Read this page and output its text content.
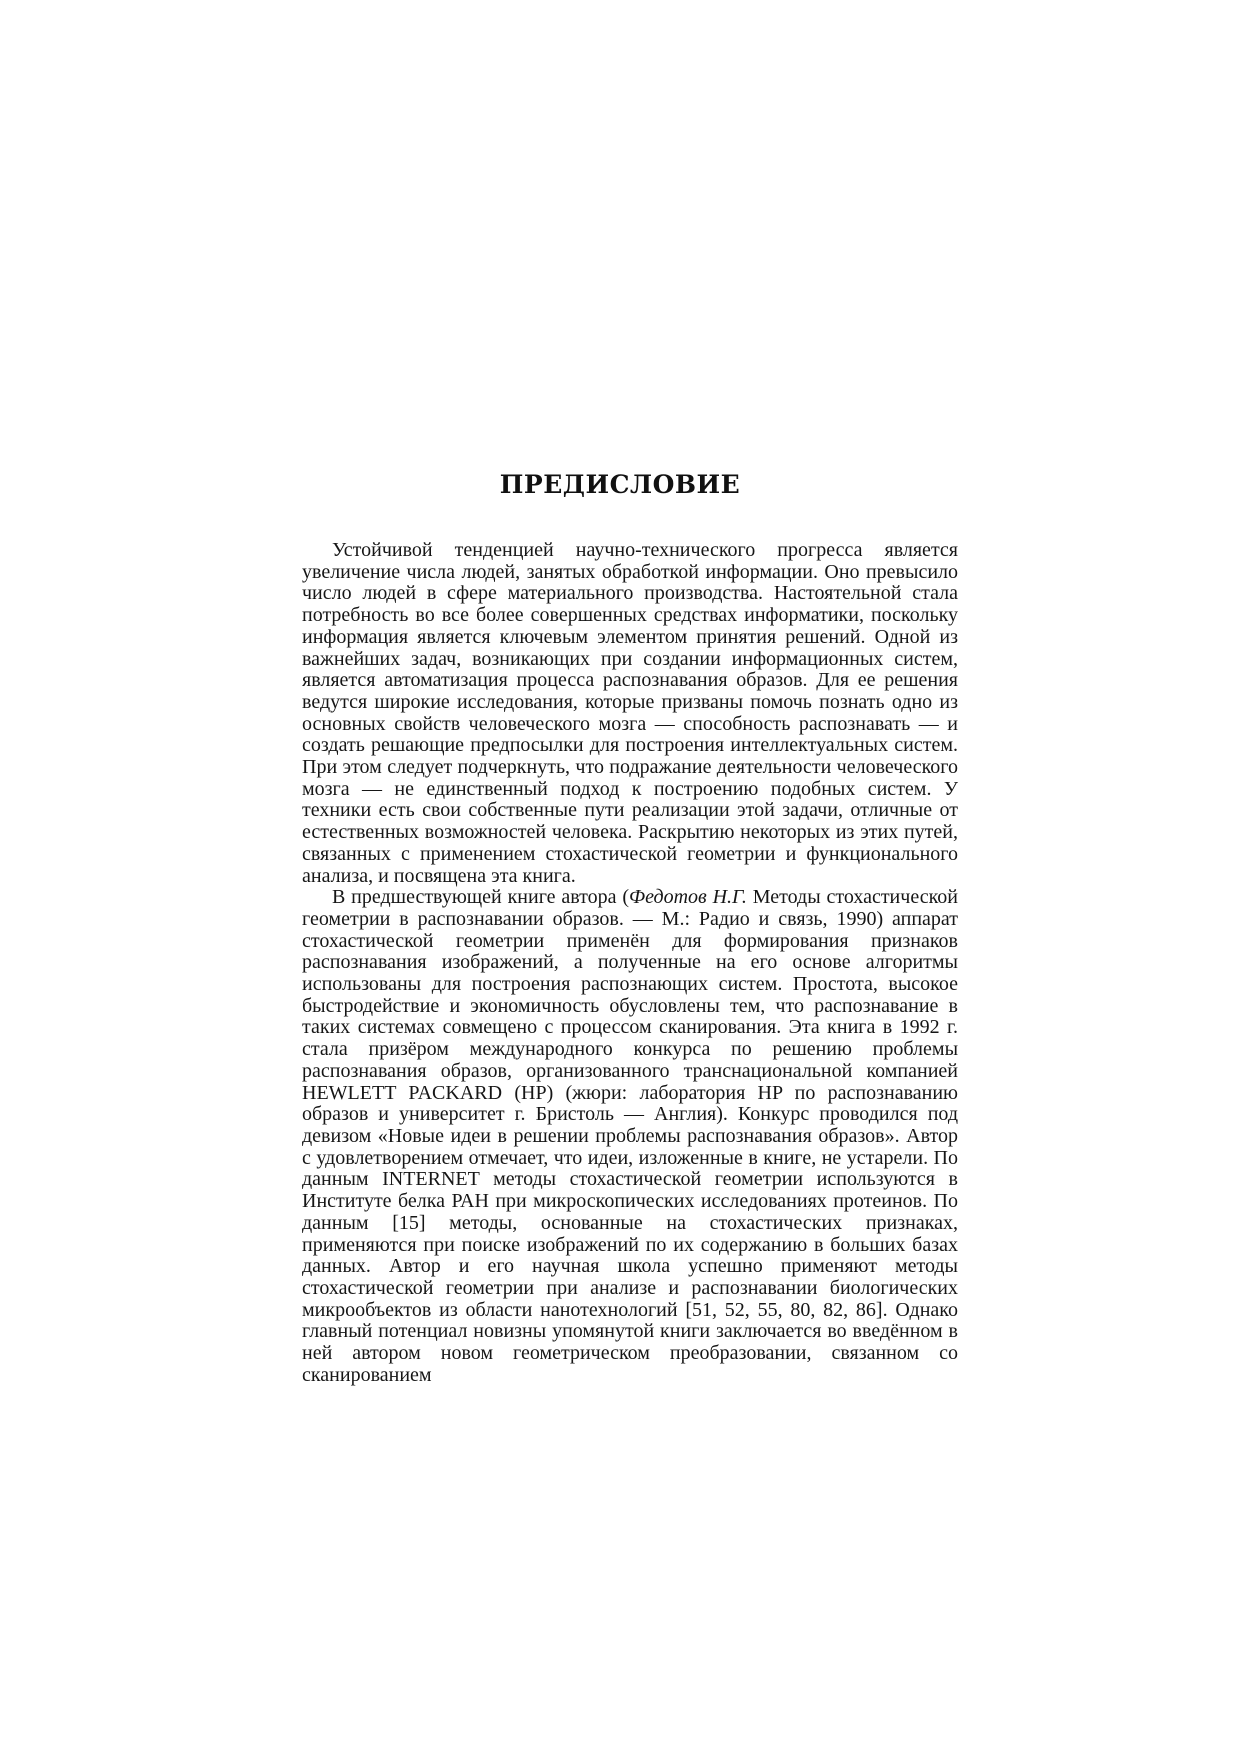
ПРЕДИСЛОВИЕ

Устойчивой тенденцией научно-технического прогресса является увеличение числа людей, занятых обработкой информации. Оно превысило число людей в сфере материального производства. Настоятельной стала потребность во все более совершенных средствах информатики, поскольку информация является ключевым элементом принятия решений. Одной из важнейших задач, возникающих при создании информационных систем, является автоматизация процесса распознавания образов. Для ее решения ведутся широкие исследования, которые призваны помочь познать одно из основных свойств человеческого мозга — способность распознавать — и создать решающие предпосылки для построения интеллектуальных систем. При этом следует подчеркнуть, что подражание деятельности человеческого мозга — не единственный подход к построению подобных систем. У техники есть свои собственные пути реализации этой задачи, отличные от естественных возможностей человека. Раскрытию некоторых из этих путей, связанных с применением стохастической геометрии и функционального анализа, и посвящена эта книга.

В предшествующей книге автора (Федотов Н.Г. Методы стохастической геометрии в распознавании образов. — М.: Радио и связь, 1990) аппарат стохастической геометрии применён для формирования признаков распознавания изображений, а полученные на его основе алгоритмы использованы для построения распознающих систем. Простота, высокое быстродействие и экономичность обусловлены тем, что распознавание в таких системах совмещено с процессом сканирования. Эта книга в 1992 г. стала призёром международного конкурса по решению проблемы распознавания образов, организованного транснациональной компанией HEWLETT PACKARD (HP) (жюри: лаборатория HP по распознаванию образов и университет г. Бристоль — Англия). Конкурс проводился под девизом «Новые идеи в решении проблемы распознавания образов». Автор с удовлетворением отмечает, что идеи, изложенные в книге, не устарели. По данным INTERNET методы стохастической геометрии используются в Институте белка РАН при микроскопических исследованиях протеинов. По данным [15] методы, основанные на стохастических признаках, применяются при поиске изображений по их содержанию в больших базах данных. Автор и его научная школа успешно применяют методы стохастической геометрии при анализе и распознавании биологических микрообъектов из области нанотехнологий [51, 52, 55, 80, 82, 86]. Однако главный потенциал новизны упомянутой книги заключается во введённом в ней автором новом геометрическом преобразовании, связанном со сканированием
